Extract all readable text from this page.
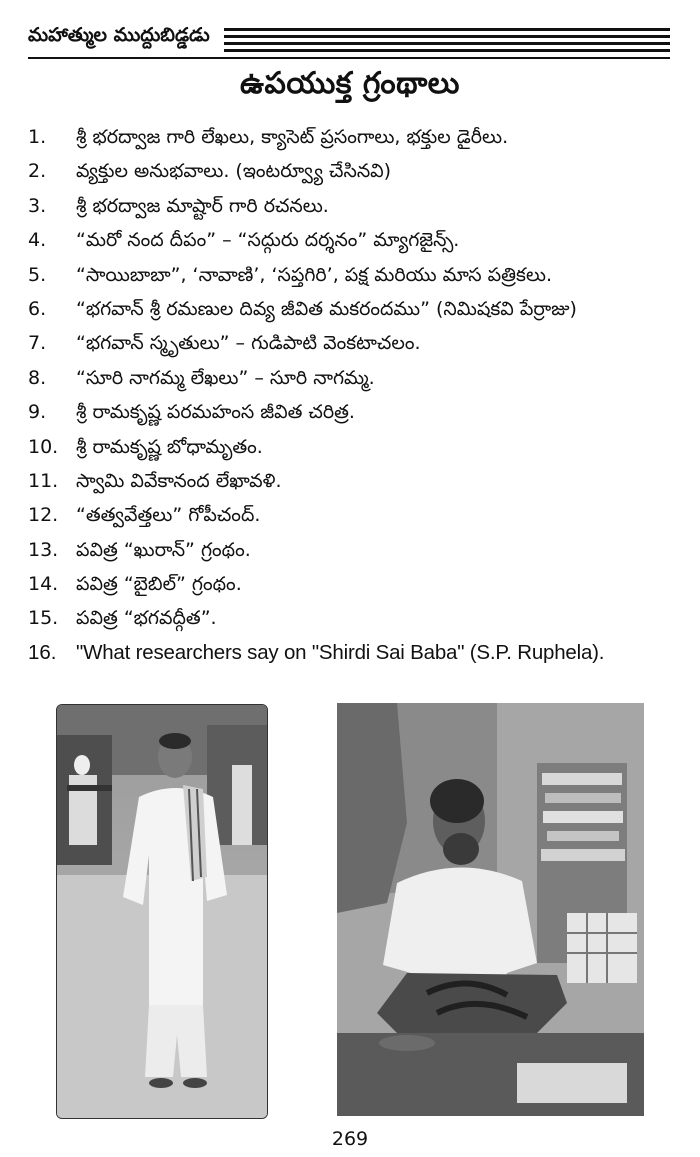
మహాత్ముల ముద్దుబిడ్డడు
ఉపయుక్త గ్రంథాలు
1.	శ్రీ భరద్వాజ గారి లేఖలు, క్యాసెట్ ప్రసంగాలు, భక్తుల డైరీలు.
2.	వ్యక్తుల అనుభవాలు. (ఇంటర్వ్యూ చేసినవి)
3.	శ్రీ భరద్వాజ మాష్టార్ గారి రచనలు.
4.	“మరో నంద దీపం” – “సద్గురు దర్శనం” మ్యాగజైన్స్.
5.	“సాయిబాబా”, ‘నావాణి’, ‘సప్తగిరి’, పక్ష మరియు మాస పత్రికలు.
6.	“భగవాన్ శ్రీ రమణుల దివ్య జీవిత మకరందము” (నిమిషకవి పేర్రాజు)
7.	“భగవాన్ స్మృతులు” – గుడిపాటి వెంకటాచలం.
8.	“సూరి నాగమ్మ లేఖలు” – సూరి నాగమ్మ.
9.	శ్రీ రామకృష్ణ పరమహంస జీవిత చరిత్ర.
10. శ్రీ రామకృష్ణ బోధామృతం.
11. స్వామి వివేకానంద లేఖావళి.
12. “తత్వవేత్తలు” గోపీచంద్.
13. పవిత్ర “ఖురాన్” గ్రంథం.
14. పవిత్ర “బైబిల్” గ్రంథం.
15. పవిత్ర “భగవద్గీత”.
16. "What researchers say on "Shirdi Sai Baba" (S.P. Ruphela).
269
